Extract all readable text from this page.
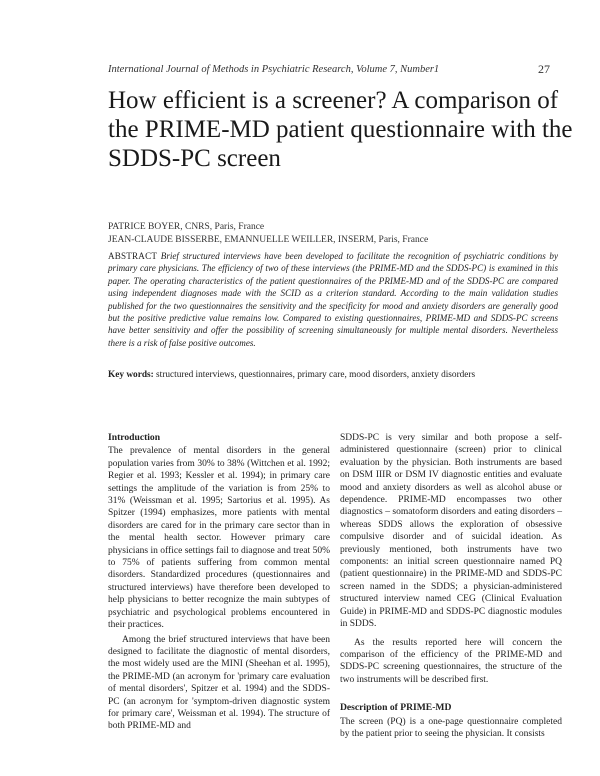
International Journal of Methods in Psychiatric Research, Volume 7, Number1	27
How efficient is a screener? A comparison of the PRIME-MD patient questionnaire with the SDDS-PC screen
PATRICE BOYER, CNRS, Paris, France
JEAN-CLAUDE BISSERBE, EMANNUELLE WEILLER, INSERM, Paris, France
ABSTRACT Brief structured interviews have been developed to facilitate the recognition of psychiatric conditions by primary care physicians. The efficiency of two of these interviews (the PRIME-MD and the SDDS-PC) is examined in this paper. The operating characteristics of the patient questionnaires of the PRIME-MD and of the SDDS-PC are compared using independent diagnoses made with the SCID as a criterion standard. According to the main validation studies published for the two questionnaires the sensitivity and the specificity for mood and anxiety disorders are generally good but the positive predictive value remains low. Compared to existing questionnaires, PRIME-MD and SDDS-PC screens have better sensitivity and offer the possibility of screening simultaneously for multiple mental disorders. Nevertheless there is a risk of false positive outcomes.
Key words: structured interviews, questionnaires, primary care, mood disorders, anxiety disorders
Introduction

The prevalence of mental disorders in the general population varies from 30% to 38% (Wittchen et al. 1992; Regier et al. 1993; Kessler et al. 1994); in primary care settings the amplitude of the variation is from 25% to 31% (Weissman et al. 1995; Sartorius et al. 1995). As Spitzer (1994) emphasizes, more patients with mental disorders are cared for in the primary care sector than in the mental health sector. However primary care physicians in office settings fail to diagnose and treat 50% to 75% of patients suffering from common mental disorders. Standardized procedures (questionnaires and structured interviews) have therefore been developed to help physicians to better recognize the main subtypes of psychiatric and psychological problems encountered in their practices.

Among the brief structured interviews that have been designed to facilitate the diagnostic of mental disorders, the most widely used are the MINI (Sheehan et al. 1995), the PRIME-MD (an acronym for 'primary care evaluation of mental disorders', Spitzer et al. 1994) and the SDDS-PC (an acronym for 'symptom-driven diagnostic system for primary care', Weissman et al. 1994). The structure of both PRIME-MD and

SDDS-PC is very similar and both propose a self-administered questionnaire (screen) prior to clinical evaluation by the physician. Both instruments are based on DSM IIIR or DSM IV diagnostic entities and evaluate mood and anxiety disorders as well as alcohol abuse or dependence. PRIME-MD encompasses two other diagnostics – somatoform disorders and eating disorders – whereas SDDS allows the exploration of obsessive compulsive disorder and of suicidal ideation. As previously mentioned, both instruments have two components: an initial screen questionnaire named PQ (patient questionnaire) in the PRIME-MD and SDDS-PC screen named in the SDDS; a physician-administered structured interview named CEG (Clinical Evaluation Guide) in PRIME-MD and SDDS-PC diagnostic modules in SDDS.

As the results reported here will concern the comparison of the efficiency of the PRIME-MD and SDDS-PC screening questionnaires, the structure of the two instruments will be described first.

Description of PRIME-MD

The screen (PQ) is a one-page questionnaire completed by the patient prior to seeing the physician. It consists
